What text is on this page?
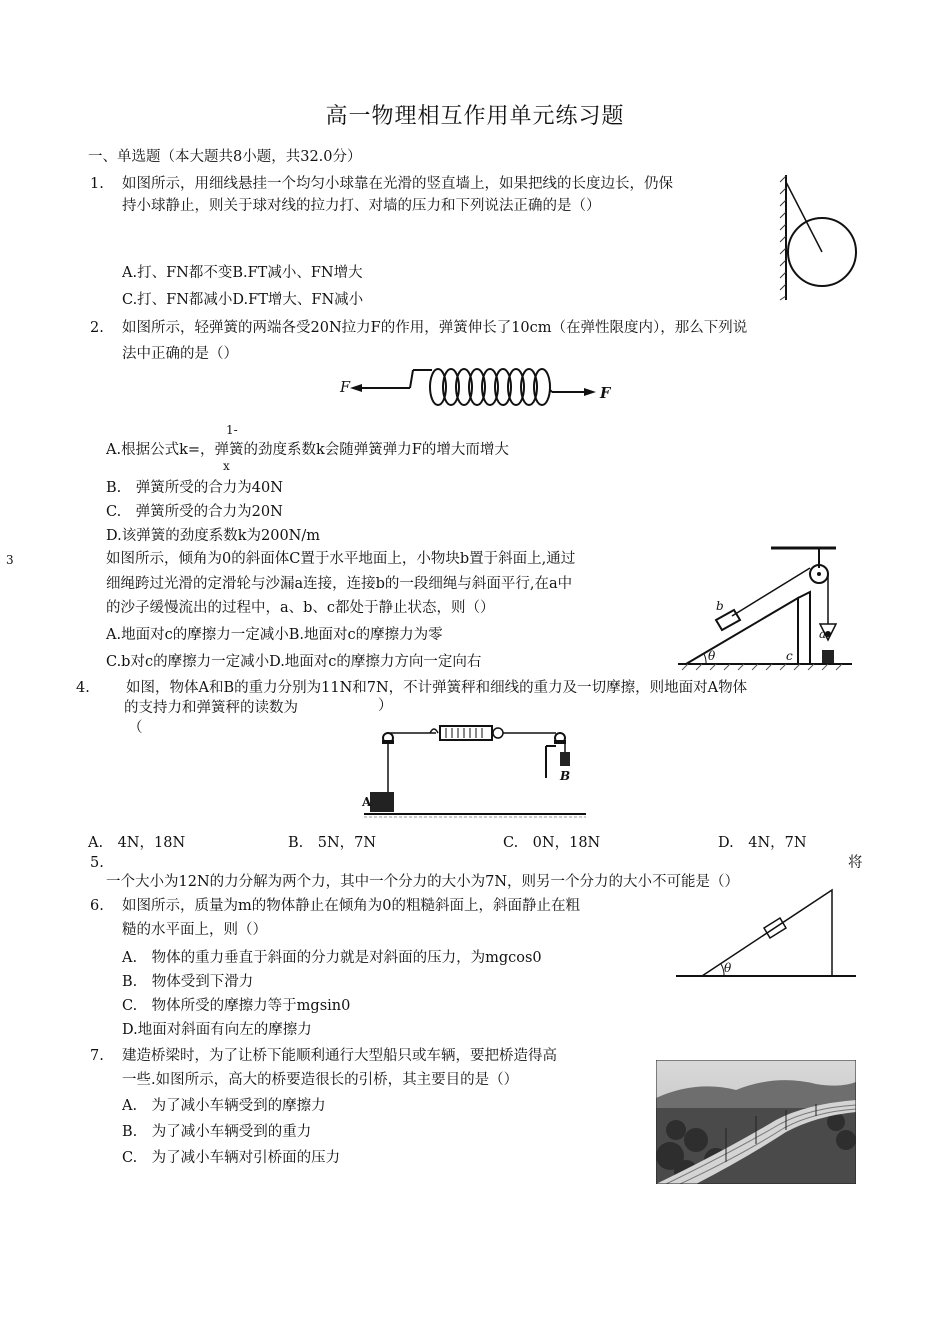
高一物理相互作用单元练习题
一、单选题（本大题共8小题，共32.0分）
1. 如图所示，用细线悬挂一个均匀小球靠在光滑的竖直墙上，如果把线的长度边长，仍保
持小球静止，则关于球对线的拉力打、对墙的压力和下列说法正确的是（）
A.打、FN都不变B.FT减小、FN增大
C.打、FN都减小D.FT增大、FN减小
2. 如图所示，轻弹簧的两端各受20N拉力F的作用，弹簧伸长了10cm（在弹性限度内），那么下列说
法中正确的是（）
F	F
1-
A.根据公式k=，弹簧的劲度系数k会随弹簧弹力F的增大而增大
x
B.　弹簧所受的合力为40N
C.　弹簧所受的合力为20N
D.该弹簧的劲度系数k为200N/m
3	如图所示，倾角为0的斜面体C置于水平地面上，小物块b置于斜面上,通过
细绳跨过光滑的定滑轮与沙漏a连接，连接b的一段细绳与斜面平行,在a中
的沙子缓慢流出的过程中，a、b、c都处于静止状态，则（）
A.地面对c的摩擦力一定减小B.地面对c的摩擦力为零
C.b对c的摩擦力一定减小D.地面对c的摩擦力方向一定向右
b
θ	c
a
4. 如图，物体A和B的重力分别为11N和7N，不计弹簧秤和细线的重力及一切摩擦，则地面对A物体
的支持力和弹簧秤的读数为	）
（
A
B
A.　4N，18N	B.　5N，7N	C.　0N，18N	D.　4N，7N
5.	将
一个大小为12N的力分解为两个力，其中一个分力的大小为7N，则另一个分力的大小不可能是（）
6. 如图所示，质量为m的物体静止在倾角为0的粗糙斜面上，斜面静止在粗
糙的水平面上，则（）
A.　物体的重力垂直于斜面的分力就是对斜面的压力，为mgcos0
B.　物体受到下滑力
C.　物体所受的摩擦力等于mgsin0
D.地面对斜面有向左的摩擦力
θ
7. 建造桥梁时，为了让桥下能顺利通行大型船只或车辆，要把桥造得高
一些.如图所示，高大的桥要造很长的引桥，其主要目的是（）
A.　为了减小车辆受到的摩擦力
B.　为了减小车辆受到的重力
C.　为了减小车辆对引桥面的压力
